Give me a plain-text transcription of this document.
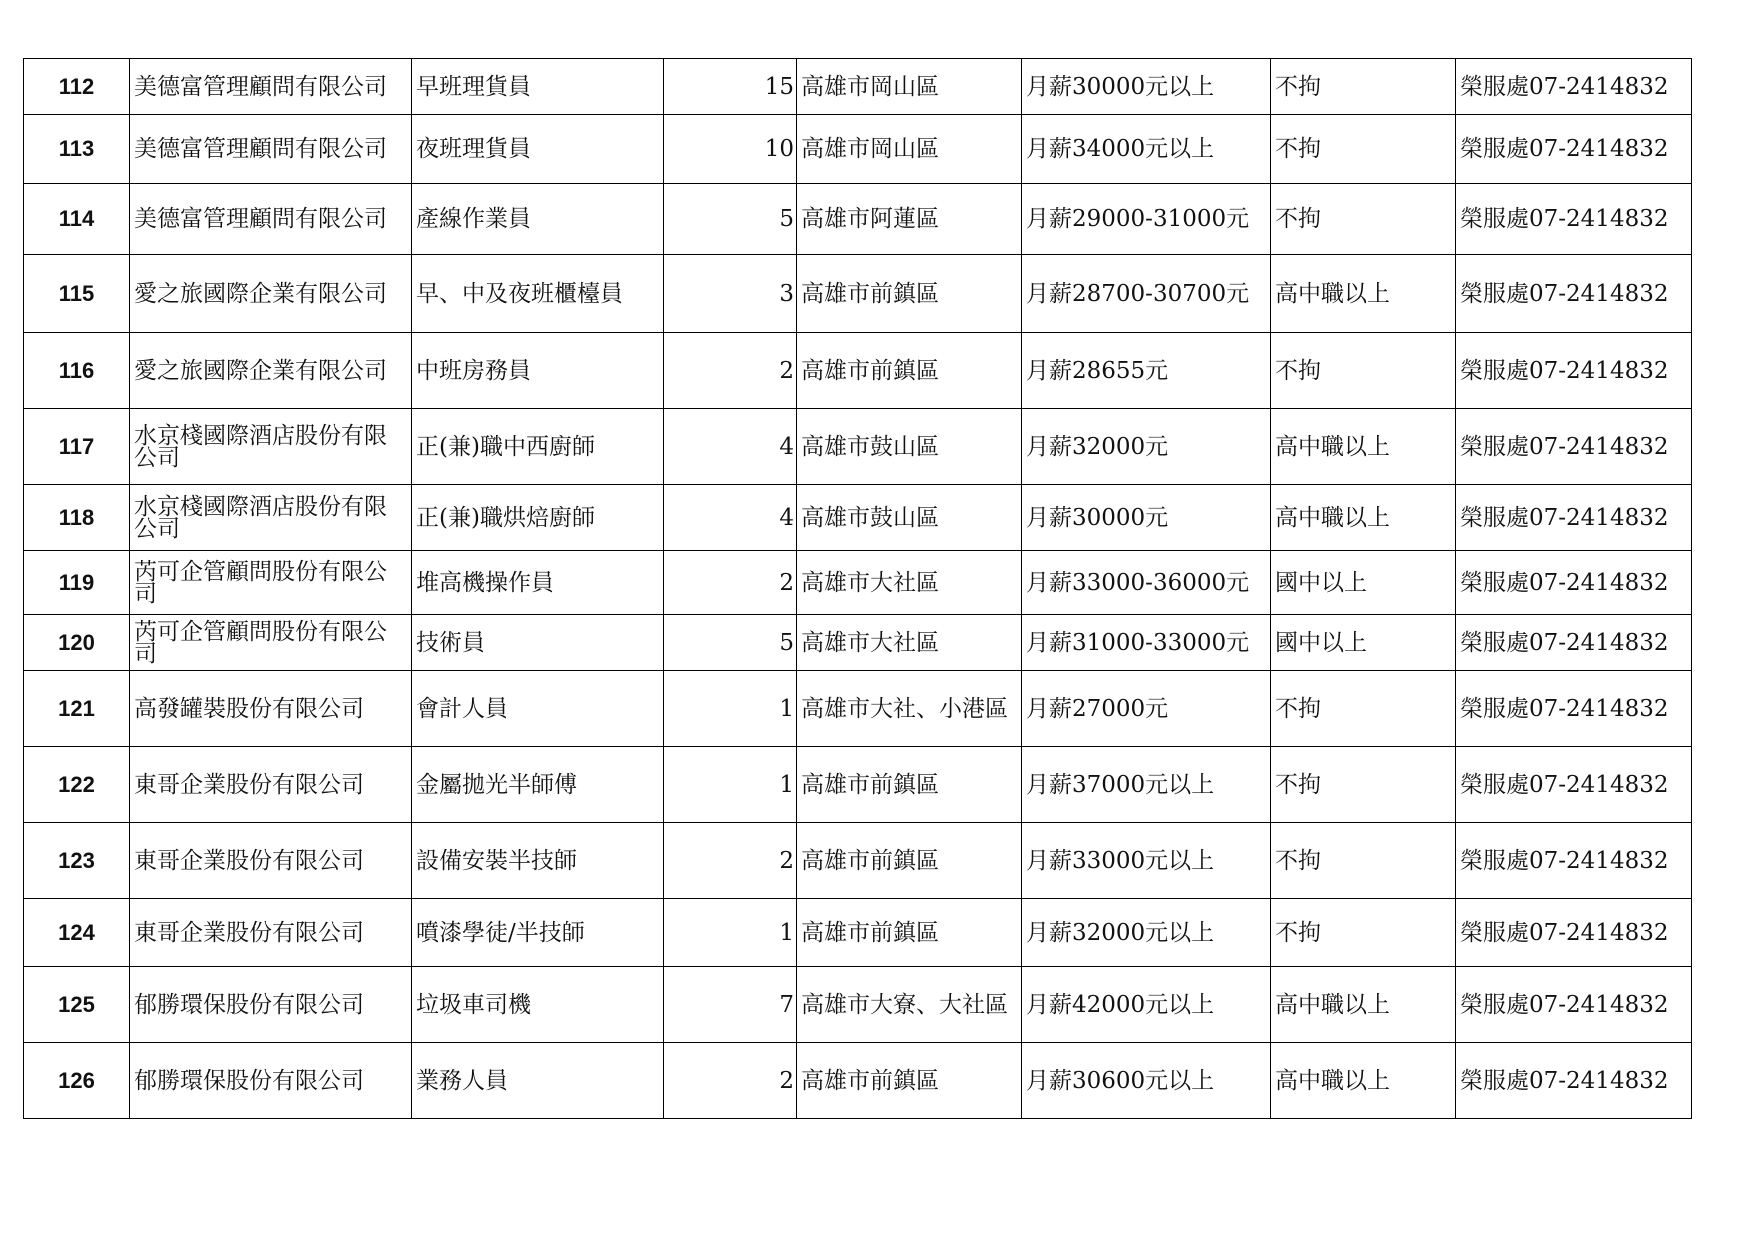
112	美德富管理顧問有限公司	早班理貨員	15	高雄市岡山區	月薪30000元以上	不拘	榮服處07-2414832
113	美德富管理顧問有限公司	夜班理貨員	10	高雄市岡山區	月薪34000元以上	不拘	榮服處07-2414832
114	美德富管理顧問有限公司	產線作業員	5	高雄市阿蓮區	月薪29000-31000元	不拘	榮服處07-2414832
115	愛之旅國際企業有限公司	早、中及夜班櫃檯員	3	高雄市前鎮區	月薪28700-30700元	高中職以上	榮服處07-2414832
116	愛之旅國際企業有限公司	中班房務員	2	高雄市前鎮區	月薪28655元	不拘	榮服處07-2414832
117	水京棧國際酒店股份有限公司	正(兼)職中西廚師	4	高雄市鼓山區	月薪32000元	高中職以上	榮服處07-2414832
118	水京棧國際酒店股份有限公司	正(兼)職烘焙廚師	4	高雄市鼓山區	月薪30000元	高中職以上	榮服處07-2414832
119	芮可企管顧問股份有限公司	堆高機操作員	2	高雄市大社區	月薪33000-36000元	國中以上	榮服處07-2414832
120	芮可企管顧問股份有限公司	技術員	5	高雄市大社區	月薪31000-33000元	國中以上	榮服處07-2414832
121	高發罐裝股份有限公司	會計人員	1	高雄市大社、小港區	月薪27000元	不拘	榮服處07-2414832
122	東哥企業股份有限公司	金屬拋光半師傅	1	高雄市前鎮區	月薪37000元以上	不拘	榮服處07-2414832
123	東哥企業股份有限公司	設備安裝半技師	2	高雄市前鎮區	月薪33000元以上	不拘	榮服處07-2414832
124	東哥企業股份有限公司	噴漆學徒/半技師	1	高雄市前鎮區	月薪32000元以上	不拘	榮服處07-2414832
125	郁勝環保股份有限公司	垃圾車司機	7	高雄市大寮、大社區	月薪42000元以上	高中職以上	榮服處07-2414832
126	郁勝環保股份有限公司	業務人員	2	高雄市前鎮區	月薪30600元以上	高中職以上	榮服處07-2414832
